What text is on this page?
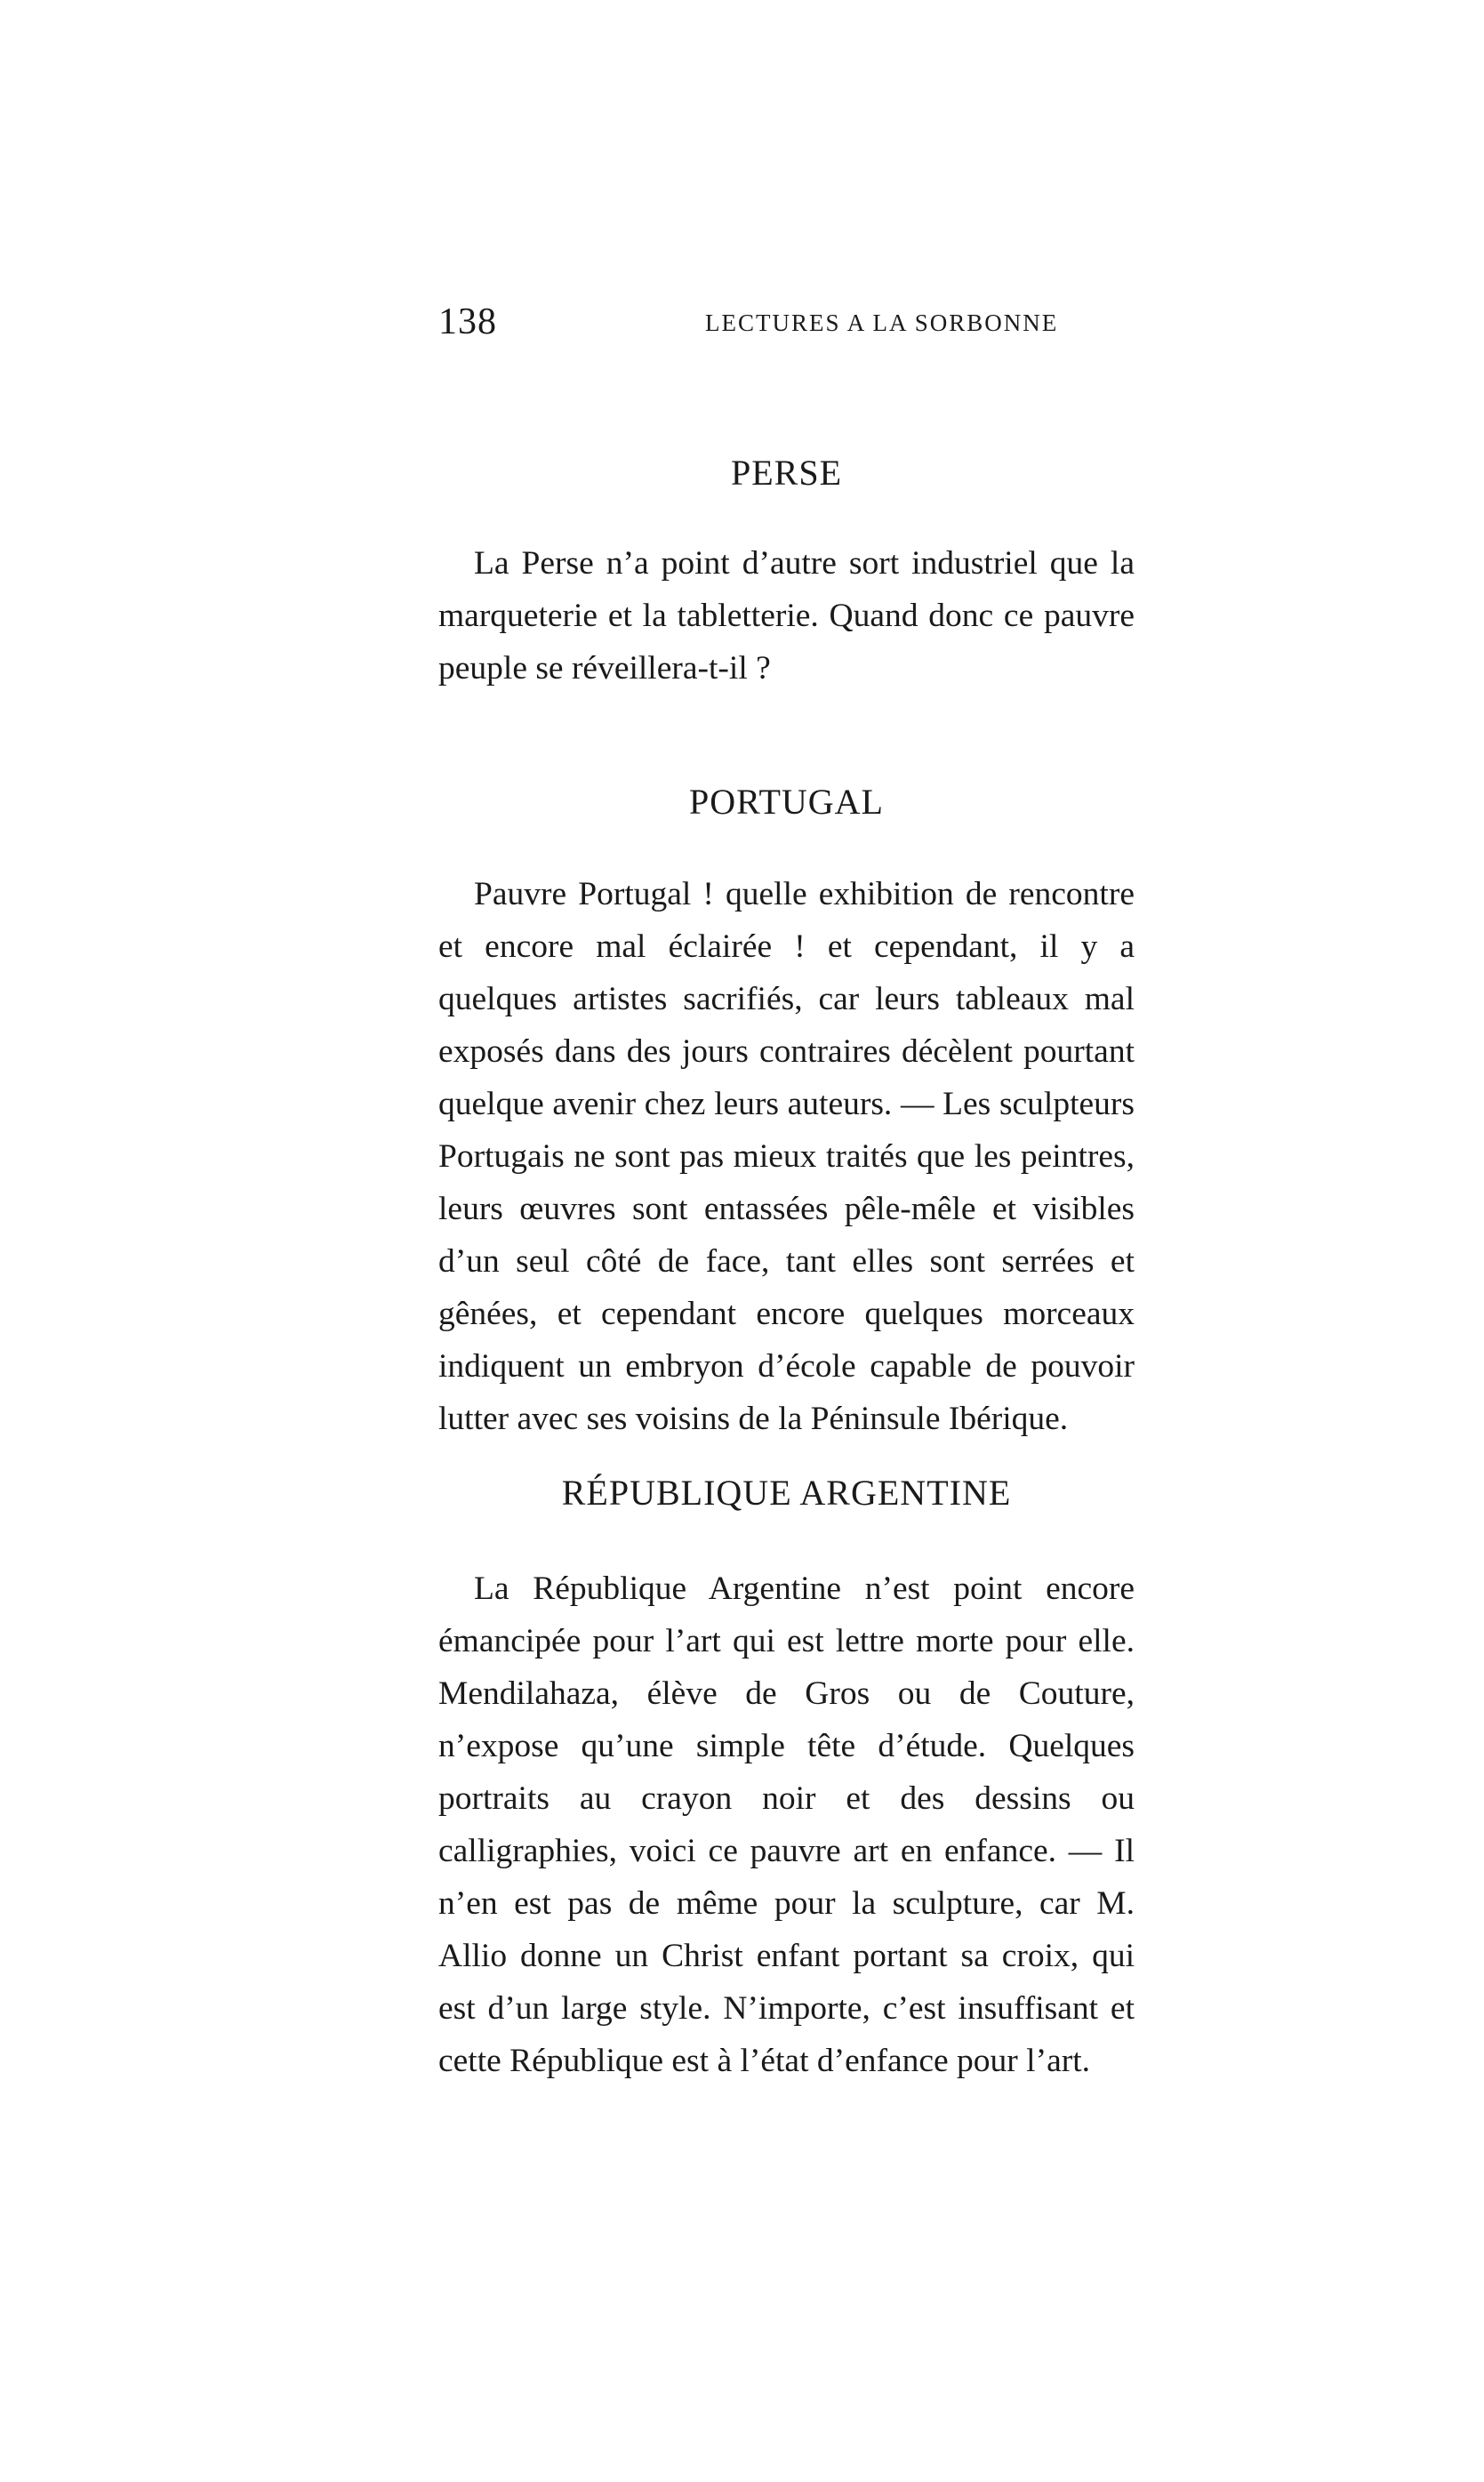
138	LECTURES A LA SORBONNE
PERSE

La Perse n’a point d’autre sort industriel que la marqueterie et la tabletterie. Quand donc ce pauvre peuple se réveillera-t-il ?

PORTUGAL

Pauvre Portugal ! quelle exhibition de rencontre et encore mal éclairée ! et cependant, il y a quelques artistes sacrifiés, car leurs tableaux mal exposés dans des jours contraires décèlent pourtant quelque avenir chez leurs auteurs. — Les sculpteurs Portugais ne sont pas mieux traités que les peintres, leurs œuvres sont entassées pêle-mêle et visibles d’un seul côté de face, tant elles sont serrées et gênées, et cependant encore quelques morceaux indiquent un embryon d’école capable de pouvoir lutter avec ses voisins de la Péninsule Ibérique.

RÉPUBLIQUE ARGENTINE

La République Argentine n’est point encore émancipée pour l’art qui est lettre morte pour elle. Mendilahaza, élève de Gros ou de Couture, n’expose qu’une simple tête d’étude. Quelques portraits au crayon noir et des dessins ou calligraphies, voici ce pauvre art en enfance. — Il n’en est pas de même pour la sculpture, car M. Allio donne un Christ enfant portant sa croix, qui est d’un large style. N’importe, c’est insuffisant et cette République est à l’état d’enfance pour l’art.
